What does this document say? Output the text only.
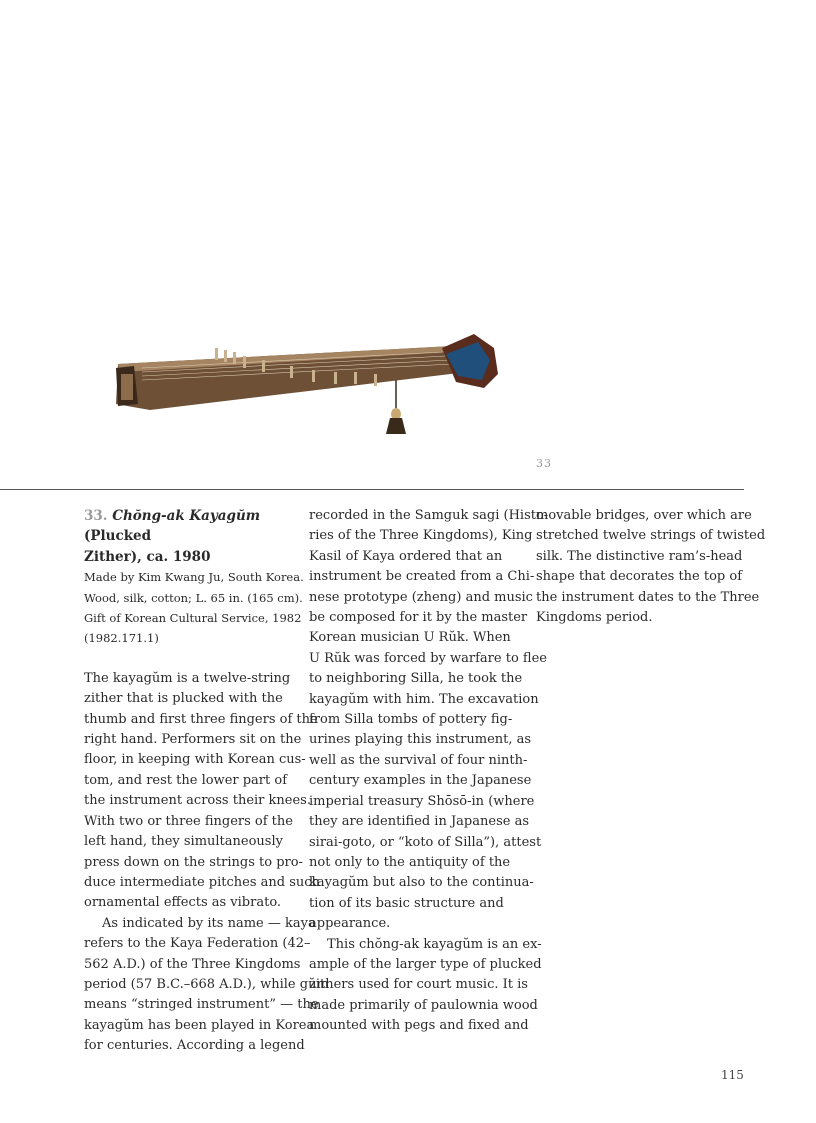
33

33. Chŏng-ak Kayagŭm (Plucked
Zither), ca. 1980

Made by Kim Kwang Ju, South Korea.
Wood, silk, cotton; L. 65 in. (165 cm).
Gift of Korean Cultural Service, 1982
(1982.171.1)

The kayagŭm is a twelve-string
zither that is plucked with the
thumb and first three fingers of the
right hand. Performers sit on the
floor, in keeping with Korean cus-
tom, and rest the lower part of
the instrument across their knees.
With two or three fingers of the
left hand, they simultaneously
press down on the strings to pro-
duce intermediate pitches and such
ornamental effects as vibrato.
As indicated by its name — kaya
refers to the Kaya Federation (42–
562 A.D.) of the Three Kingdoms
period (57 B.C.–668 A.D.), while gŭm
means “stringed instrument” — the
kayagŭm has been played in Korea
for centuries. According a legend

recorded in the Samguk sagi (Histo-
ries of the Three Kingdoms), King
Kasil of Kaya ordered that an
instrument be created from a Chi-
nese prototype (zheng) and music
be composed for it by the master
Korean musician U Rŭk. When
U Rŭk was forced by warfare to flee
to neighboring Silla, he took the
kayagŭm with him. The excavation
from Silla tombs of pottery fig-
urines playing this instrument, as
well as the survival of four ninth-
century examples in the Japanese
imperial treasury Shōsō-in (where
they are identified in Japanese as
sirai-goto, or “koto of Silla”), attest
not only to the antiquity of the
kayagŭm but also to the continua-
tion of its basic structure and
appearance.
This chŏng-ak kayagŭm is an ex-
ample of the larger type of plucked
zithers used for court music. It is
made primarily of paulownia wood
mounted with pegs and fixed and

movable bridges, over which are
stretched twelve strings of twisted
silk. The distinctive ram’s-head
shape that decorates the top of
the instrument dates to the Three
Kingdoms period.

115
